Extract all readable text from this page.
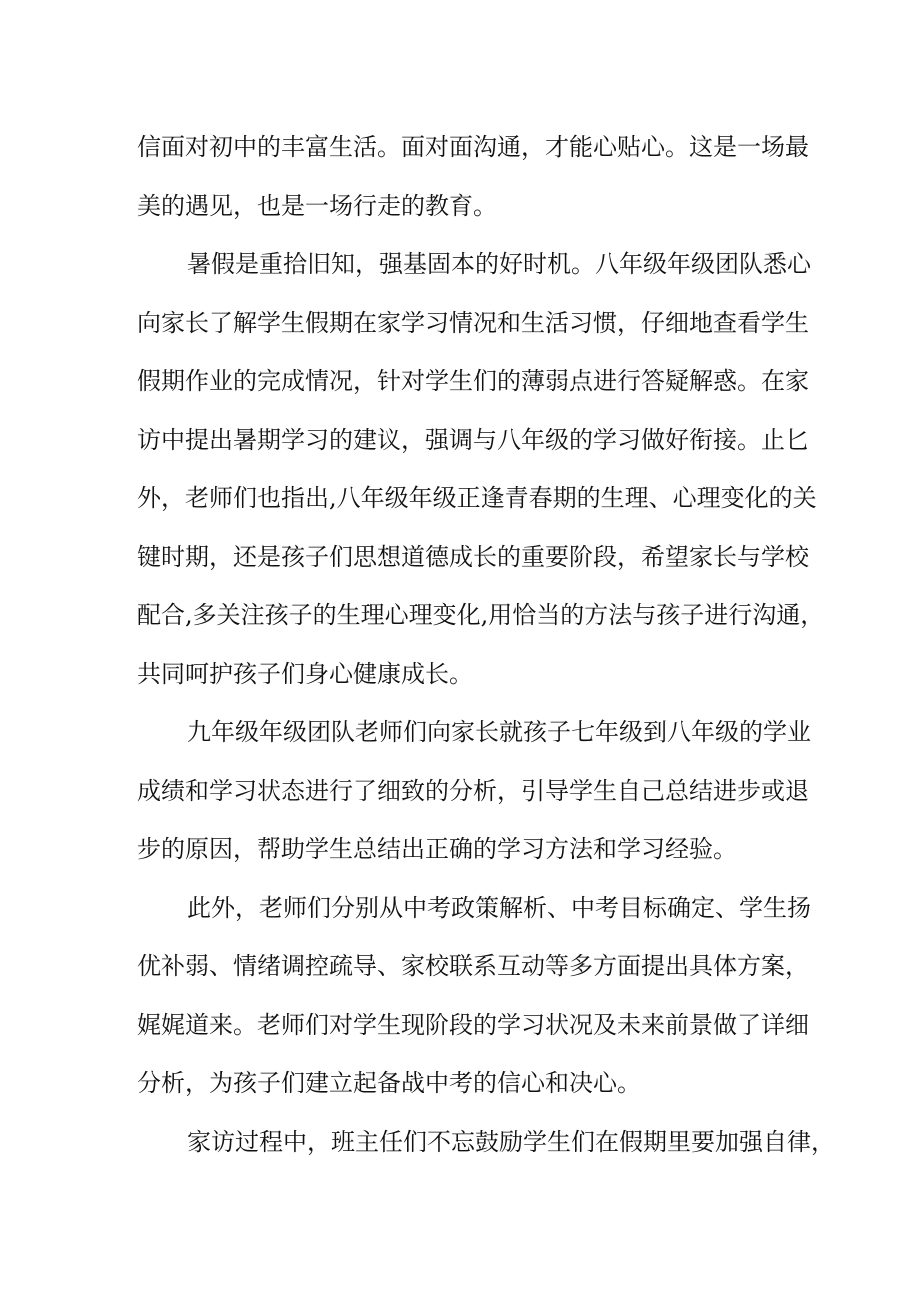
信面对初中的丰富生活。面对面沟通，才能心贴心。这是一场最
美的遇见，也是一场行走的教育。
暑假是重拾旧知，强基固本的好时机。八年级年级团队悉心
向家长了解学生假期在家学习情况和生活习惯，仔细地查看学生
假期作业的完成情况，针对学生们的薄弱点进行答疑解惑。在家
访中提出暑期学习的建议，强调与八年级的学习做好衔接。止匕
外，老师们也指出,八年级年级正逢青春期的生理、心理变化的关
键时期，还是孩子们思想道德成长的重要阶段，希望家长与学校
配合,多关注孩子的生理心理变化,用恰当的方法与孩子进行沟通，
共同呵护孩子们身心健康成长。
九年级年级团队老师们向家长就孩子七年级到八年级的学业
成绩和学习状态进行了细致的分析，引导学生自己总结进步或退
步的原因，帮助学生总结出正确的学习方法和学习经验。
此外，老师们分别从中考政策解析、中考目标确定、学生扬
优补弱、情绪调控疏导、家校联系互动等多方面提出具体方案，
娓娓道来。老师们对学生现阶段的学习状况及未来前景做了详细
分析，为孩子们建立起备战中考的信心和决心。
家访过程中，班主任们不忘鼓励学生们在假期里要加强自律，
